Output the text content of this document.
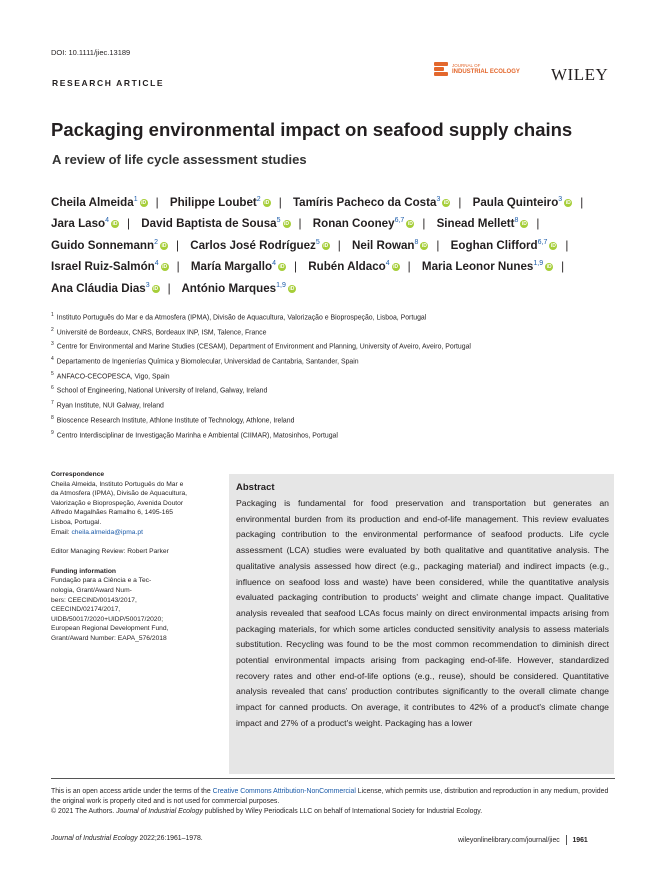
DOI: 10.1111/jiec.13189
RESEARCH ARTICLE
JOURNAL OF
INDUSTRIAL ECOLOGY WILEY
Packaging environmental impact on seafood supply chains
A review of life cycle assessment studies
Cheila Almeida$^1$ iD | Philippe Loubet$^2$ iD | Tamíris Pacheco da Costa$^3$ iD | Paula Quinteiro$^3$ iD | Jara Laso$^4$ iD | David Baptista de Sousa$^5$ iD | Ronan Cooney$^{6,7}$ iD | Sinead Mellett$^8$ iD | Guido Sonnemann$^2$ iD | Carlos José Rodríguez$^5$ iD | Neil Rowan$^8$ iD | Eoghan Clifford$^{6,7}$ iD | Israel Ruiz-Salmón$^4$ iD | María Margallo$^4$ iD | Rubén Aldaco$^4$ iD | Maria Leonor Nunes$^{1,9}$ iD | Ana Cláudia Dias$^3$ iD | António Marques$^{1,9}$ iD
$^1$ Instituto Português do Mar e da Atmosfera (IPMA), Divisão de Aquacultura, Valorização e Bioprospeção, Lisboa, Portugal
$^2$ Université de Bordeaux, CNRS, Bordeaux INP, ISM, Talence, France
$^3$ Centre for Environmental and Marine Studies (CESAM), Department of Environment and Planning, University of Aveiro, Aveiro, Portugal
$^4$ Departamento de Ingenierías Química y Biomolecular, Universidad de Cantabria, Santander, Spain
$^5$ ANFACO-CECOPESCA, Vigo, Spain
$^6$ School of Engineering, National University of Ireland, Galway, Ireland
$^7$ Ryan Institute, NUI Galway, Ireland
$^8$ Bioscence Research Institute, Athlone Institute of Technology, Athlone, Ireland
$^9$ Centro Interdisciplinar de Investigação Marinha e Ambiental (CIIMAR), Matosinhos, Portugal

Correspondence

Cheila Almeida, Instituto Português do Mar e

da Atmosfera (IPMA), Divisão de Aquacultura,

Valorização e Bioprospeção, Avenida Doutor

Alfredo Magalhães Ramalho 6, 1495-165

Lisboa, Portugal.

Email: cheila.almeida@ipma.pt

Editor Managing Review: Robert Parker

Funding information

Fundação para a Ciência e a Tec-

nologia, Grant/Award Num-

bers: CEECIND/00143/2017,

CEECIND/02174/2017,

UIDB/50017/2020+UIDP/50017/2020;

European Regional Development Fund,

Grant/Award Number: EAPA_576/2018

Abstract
Packaging is fundamental for food preservation and transportation but generates an environmental burden from its production and end-of-life management. This review evaluates packaging contribution to the environmental performance of seafood products. Life cycle assessment (LCA) studies were evaluated by both qualitative and quantitative analysis. The qualitative analysis assessed how direct (e.g., packaging material) and indirect impacts (e.g., influence on seafood loss and waste) have been considered, while the quantitative analysis evaluated packaging contribution to products' weight and climate change impact. Qualitative analysis revealed that seafood LCAs focus mainly on direct environmental impacts arising from packaging materials, for which some articles conducted sensitivity analysis to assess materials substitution. Recycling was found to be the most common recommendation to diminish direct potential environmental impacts arising from packaging end-of-life. However, standardized recovery rates and other end-of-life options (e.g., reuse), should be considered. Quantitative analysis revealed that cans' production contributes significantly to the overall climate change impact for canned products. On average, it contributes to 42% of a product's climate change impact and 27% of a product's weight. Packaging has a lower
This is an open access article under the terms of the Creative Commons Attribution-NonCommercial License, which permits use, distribution and reproduction in any medium, provided the original work is properly cited and is not used for commercial purposes.
© 2021 The Authors. Journal of Industrial Ecology published by Wiley Periodicals LLC on behalf of International Society for Industrial Ecology.
Journal of Industrial Ecology 2022;26:1961–1978.	wileyonlinelibrary.com/journal/jiec 1961
